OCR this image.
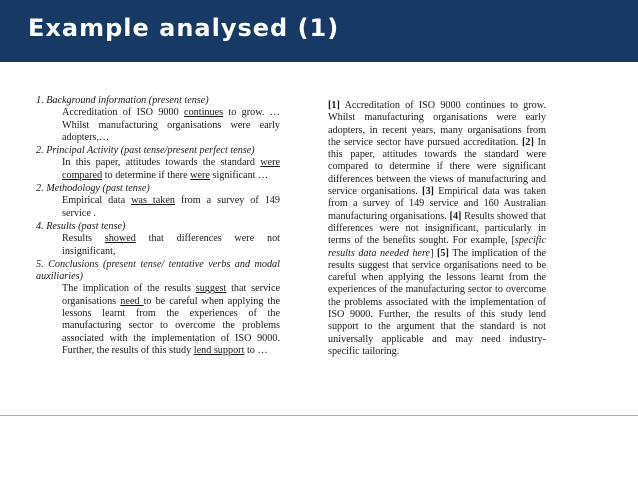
Example analysed (1)
1. Background information (present tense)
Accreditation of ISO 9000 continues to grow. … Whilst manufacturing organisations were early adopters,…
2. Principal Activity (past tense/present perfect tense)
In this paper, attitudes towards the standard were compared to determine if there were significant …
2. Methodology (past tense)
Empirical data was taken from a survey of 149 service .
4. Results (past tense)
Results showed that differences were not insignificant,
5. Conclusions (present tense/ tentative verbs and modal auxiliaries)
The implication of the results suggest that service organisations need to be careful when applying the lessons learnt from the experiences of the manufacturing sector to overcome the problems associated with the implementation of ISO 9000. Further, the results of this study lend support to …
[1] Accreditation of ISO 9000 continues to grow. Whilst manufacturing organisations were early adopters, in recent years, many organisations from the service sector have pursued accreditation. [2] In this paper, attitudes towards the standard were compared to determine if there were significant differences between the views of manufacturing and service organisations. [3] Empirical data was taken from a survey of 149 service and 160 Australian manufacturing organisations. [4] Results showed that differences were not insignificant, particularly in terms of the benefits sought. For example, [specific results data needed here] [5] The implication of the results suggest that service organisations need to be careful when applying the lessons learnt from the experiences of the manufacturing sector to overcome the problems associated with the implementation of ISO 9000. Further, the results of this study lend support to the argument that the standard is not universally applicable and may need industry-specific tailoring.
